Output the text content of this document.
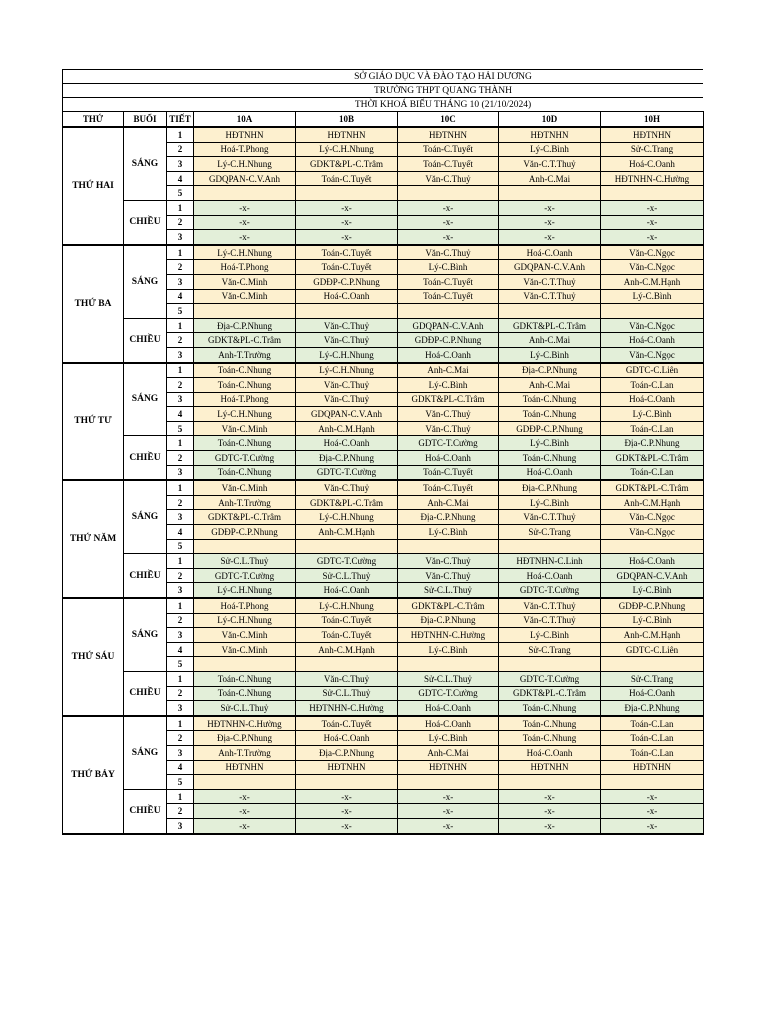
SỞ GIÁO DỤC VÀ ĐÀO TẠO HẢI DƯƠNG
TRƯỜNG THPT QUANG THÀNH
THỜI KHOÁ BIỂU THÁNG 10 (21/10/2024)
THỨ	BUỔI	TIẾT	10A	10B	10C	10D	10H
THỨ HAI	SÁNG	1	HĐTNHN	HĐTNHN	HĐTNHN	HĐTNHN	HĐTNHN
		2	Hoá-T.Phong	Lý-C.H.Nhung	Toán-C.Tuyết	Lý-C.Bình	Sử-C.Trang
		3	Lý-C.H.Nhung	GDKT&PL-C.Trâm	Toán-C.Tuyết	Văn-C.T.Thuỷ	Hoá-C.Oanh
		4	GDQPAN-C.V.Anh	Toán-C.Tuyết	Văn-C.Thuỷ	Anh-C.Mai	HĐTNHN-C.Hường
		5					
	CHIỀU	1	-x-	-x-	-x-	-x-	-x-
		2	-x-	-x-	-x-	-x-	-x-
		3	-x-	-x-	-x-	-x-	-x-
THỨ BA	SÁNG	1	Lý-C.H.Nhung	Toán-C.Tuyết	Văn-C.Thuỷ	Hoá-C.Oanh	Văn-C.Ngọc
		2	Hoá-T.Phong	Toán-C.Tuyết	Lý-C.Bình	GDQPAN-C.V.Anh	Văn-C.Ngọc
		3	Văn-C.Minh	GDĐP-C.P.Nhung	Toán-C.Tuyết	Văn-C.T.Thuỷ	Anh-C.M.Hạnh
		4	Văn-C.Minh	Hoá-C.Oanh	Toán-C.Tuyết	Văn-C.T.Thuỷ	Lý-C.Bình
		5					
	CHIỀU	1	Địa-C.P.Nhung	Văn-C.Thuỷ	GDQPAN-C.V.Anh	GDKT&PL-C.Trâm	Văn-C.Ngọc
		2	GDKT&PL-C.Trâm	Văn-C.Thuỷ	GDĐP-C.P.Nhung	Anh-C.Mai	Hoá-C.Oanh
		3	Anh-T.Trường	Lý-C.H.Nhung	Hoá-C.Oanh	Lý-C.Bình	Văn-C.Ngọc
THỨ TƯ	SÁNG	1	Toán-C.Nhung	Lý-C.H.Nhung	Anh-C.Mai	Địa-C.P.Nhung	GDTC-C.Liên
		2	Toán-C.Nhung	Văn-C.Thuỷ	Lý-C.Bình	Anh-C.Mai	Toán-C.Lan
		3	Hoá-T.Phong	Văn-C.Thuỷ	GDKT&PL-C.Trâm	Toán-C.Nhung	Hoá-C.Oanh
		4	Lý-C.H.Nhung	GDQPAN-C.V.Anh	Văn-C.Thuỷ	Toán-C.Nhung	Lý-C.Bình
		5	Văn-C.Minh	Anh-C.M.Hạnh	Văn-C.Thuỷ	GDĐP-C.P.Nhung	Toán-C.Lan
	CHIỀU	1	Toán-C.Nhung	Hoá-C.Oanh	GDTC-T.Cường	Lý-C.Bình	Địa-C.P.Nhung
		2	GDTC-T.Cường	Địa-C.P.Nhung	Hoá-C.Oanh	Toán-C.Nhung	GDKT&PL-C.Trâm
		3	Toán-C.Nhung	GDTC-T.Cường	Toán-C.Tuyết	Hoá-C.Oanh	Toán-C.Lan
THỨ NĂM	SÁNG	1	Văn-C.Minh	Văn-C.Thuỷ	Toán-C.Tuyết	Địa-C.P.Nhung	GDKT&PL-C.Trâm
		2	Anh-T.Trường	GDKT&PL-C.Trâm	Anh-C.Mai	Lý-C.Bình	Anh-C.M.Hạnh
		3	GDKT&PL-C.Trâm	Lý-C.H.Nhung	Địa-C.P.Nhung	Văn-C.T.Thuỷ	Văn-C.Ngọc
		4	GDĐP-C.P.Nhung	Anh-C.M.Hạnh	Lý-C.Bình	Sử-C.Trang	Văn-C.Ngọc
		5					
	CHIỀU	1	Sử-C.L.Thuỷ	GDTC-T.Cường	Văn-C.Thuỷ	HĐTNHN-C.Linh	Hoá-C.Oanh
		2	GDTC-T.Cường	Sử-C.L.Thuỷ	Văn-C.Thuỷ	Hoá-C.Oanh	GDQPAN-C.V.Anh
		3	Lý-C.H.Nhung	Hoá-C.Oanh	Sử-C.L.Thuỷ	GDTC-T.Cường	Lý-C.Bình
THỨ SÁU	SÁNG	1	Hoá-T.Phong	Lý-C.H.Nhung	GDKT&PL-C.Trâm	Văn-C.T.Thuỷ	GDĐP-C.P.Nhung
		2	Lý-C.H.Nhung	Toán-C.Tuyết	Địa-C.P.Nhung	Văn-C.T.Thuỷ	Lý-C.Bình
		3	Văn-C.Minh	Toán-C.Tuyết	HĐTNHN-C.Hường	Lý-C.Bình	Anh-C.M.Hạnh
		4	Văn-C.Minh	Anh-C.M.Hạnh	Lý-C.Bình	Sử-C.Trang	GDTC-C.Liên
		5					
	CHIỀU	1	Toán-C.Nhung	Văn-C.Thuỷ	Sử-C.L.Thuỷ	GDTC-T.Cường	Sử-C.Trang
		2	Toán-C.Nhung	Sử-C.L.Thuỷ	GDTC-T.Cường	GDKT&PL-C.Trâm	Hoá-C.Oanh
		3	Sử-C.L.Thuỷ	HĐTNHN-C.Hường	Hoá-C.Oanh	Toán-C.Nhung	Địa-C.P.Nhung
THỨ BẢY	SÁNG	1	HĐTNHN-C.Hường	Toán-C.Tuyết	Hoá-C.Oanh	Toán-C.Nhung	Toán-C.Lan
		2	Địa-C.P.Nhung	Hoá-C.Oanh	Lý-C.Bình	Toán-C.Nhung	Toán-C.Lan
		3	Anh-T.Trường	Địa-C.P.Nhung	Anh-C.Mai	Hoá-C.Oanh	Toán-C.Lan
		4	HĐTNHN	HĐTNHN	HĐTNHN	HĐTNHN	HĐTNHN
		5					
	CHIỀU	1	-x-	-x-	-x-	-x-	-x-
		2	-x-	-x-	-x-	-x-	-x-
		3	-x-	-x-	-x-	-x-	-x-
